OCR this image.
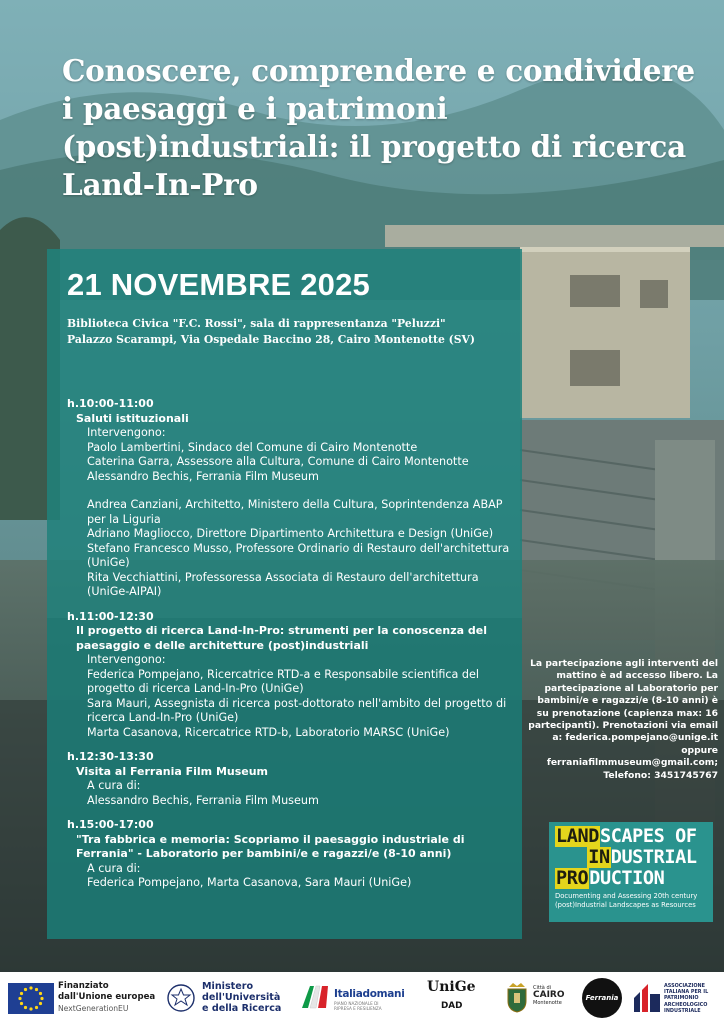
Conoscere, comprendere e condividere i paesaggi e i patrimoni (post)industriali: il progetto di ricerca Land-In-Pro
21 NOVEMBRE 2025
Biblioteca Civica "F.C. Rossi", sala di rappresentanza "Peluzzi"
Palazzo Scarampi, Via Ospedale Baccino 28, Cairo Montenotte (SV)
h.10:00-11:00
Saluti istituzionali
Intervengono:
Paolo Lambertini, Sindaco del Comune di Cairo Montenotte
Caterina Garra, Assessore alla Cultura, Comune di Cairo Montenotte
Alessandro Bechis, Ferrania Film Museum
Andrea Canziani, Architetto, Ministero della Cultura, Soprintendenza ABAP per la Liguria
Adriano Magliocco, Direttore Dipartimento Architettura e Design (UniGe)
Stefano Francesco Musso, Professore Ordinario di Restauro dell'architettura (UniGe)
Rita Vecchiattini, Professoressa Associata di Restauro dell'architettura (UniGe-AIPAI)
h.11:00-12:30
Il progetto di ricerca Land-In-Pro: strumenti per la conoscenza del paesaggio e delle architetture (post)industriali
Intervengono:
Federica Pompejano, Ricercatrice RTD-a e Responsabile scientifica del progetto di ricerca Land-In-Pro (UniGe)
Sara Mauri, Assegnista di ricerca post-dottorato nell'ambito del progetto di ricerca Land-In-Pro (UniGe)
Marta Casanova, Ricercatrice RTD-b, Laboratorio MARSC (UniGe)
h.12:30-13:30
Visita al Ferrania Film Museum
A cura di:
Alessandro Bechis, Ferrania Film Museum
h.15:00-17:00
"Tra fabbrica e memoria: Scopriamo il paesaggio industriale di Ferrania" - Laboratorio per bambini/e e ragazzi/e (8-10 anni)
A cura di:
Federica Pompejano, Marta Casanova, Sara Mauri (UniGe)
La partecipazione agli interventi del mattino è ad accesso libero. La partecipazione al Laboratorio per bambini/e e ragazzi/e (8-10 anni) è su prenotazione (capienza max: 16 partecipanti). Prenotazioni via email a: federica.pompejano@unige.it oppure ferraniafilmmuseum@gmail.com; Telefono: 3451745767
LANDSCAPES OF
INDUSTRIAL
PRODUCTION
Documenting and Assessing 20th century (post)Industrial Landscapes as Resources
Finanziato
dall'Unione europea
NextGenerationEU
Ministero
dell'Università
e della Ricerca
Italiadomani
PIANO NAZIONALE DI RIPRESA E RESILIENZA
UniGe
DAD
Città di
CAIRO
Montenotte
Ferrania
ASSOCIAZIONE ITALIANA PER IL PATRIMONIO ARCHEOLOGICO INDUSTRIALE
